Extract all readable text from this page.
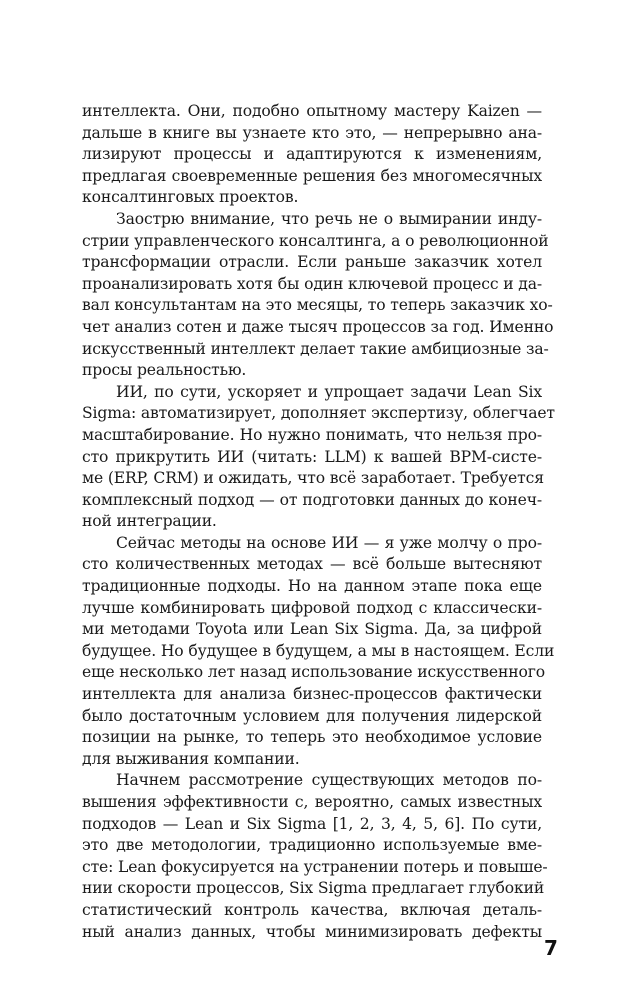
интеллекта. Они, подобно опытному мастеру Kaizen —
дальше в книге вы узнаете кто это, — непрерывно ана-
лизируют процессы и адаптируются к изменениям,
предлагая своевременные решения без многомесячных
консалтинговых проектов.
Заострю внимание, что речь не о вымирании инду-
стрии управленческого консалтинга, а о революционной
трансформации отрасли. Если раньше заказчик хотел
проанализировать хотя бы один ключевой процесс и да-
вал консультантам на это месяцы, то теперь заказчик хо-
чет анализ сотен и даже тысяч процессов за год. Именно
искусственный интеллект делает такие амбициозные за-
просы реальностью.
ИИ, по сути, ускоряет и упрощает задачи Lean Six
Sigma: автоматизирует, дополняет экспертизу, облегчает
масштабирование. Но нужно понимать, что нельзя про-
сто прикрутить ИИ (читать: LLM) к вашей BPM-систе-
ме (ERP, CRM) и ожидать, что всё заработает. Требуется
комплексный подход — от подготовки данных до конеч-
ной интеграции.
Сейчас методы на основе ИИ — я уже молчу о про-
сто количественных методах — всё больше вытесняют
традиционные подходы. Но на данном этапе пока еще
лучше комбинировать цифровой подход с классически-
ми методами Toyota или Lean Six Sigma. Да, за цифрой
будущее. Но будущее в будущем, а мы в настоящем. Если
еще несколько лет назад использование искусственного
интеллекта для анализа бизнес-процессов фактически
было достаточным условием для получения лидерской
позиции на рынке, то теперь это необходимое условие
для выживания компании.
Начнем рассмотрение существующих методов по-
вышения эффективности с, вероятно, самых известных
подходов — Lean и Six Sigma [1, 2, 3, 4, 5, 6]. По сути,
это две методологии, традиционно используемые вме-
сте: Lean фокусируется на устранении потерь и повыше-
нии скорости процессов, Six Sigma предлагает глубокий
статистический контроль качества, включая деталь-
ный анализ данных, чтобы минимизировать дефекты
7
